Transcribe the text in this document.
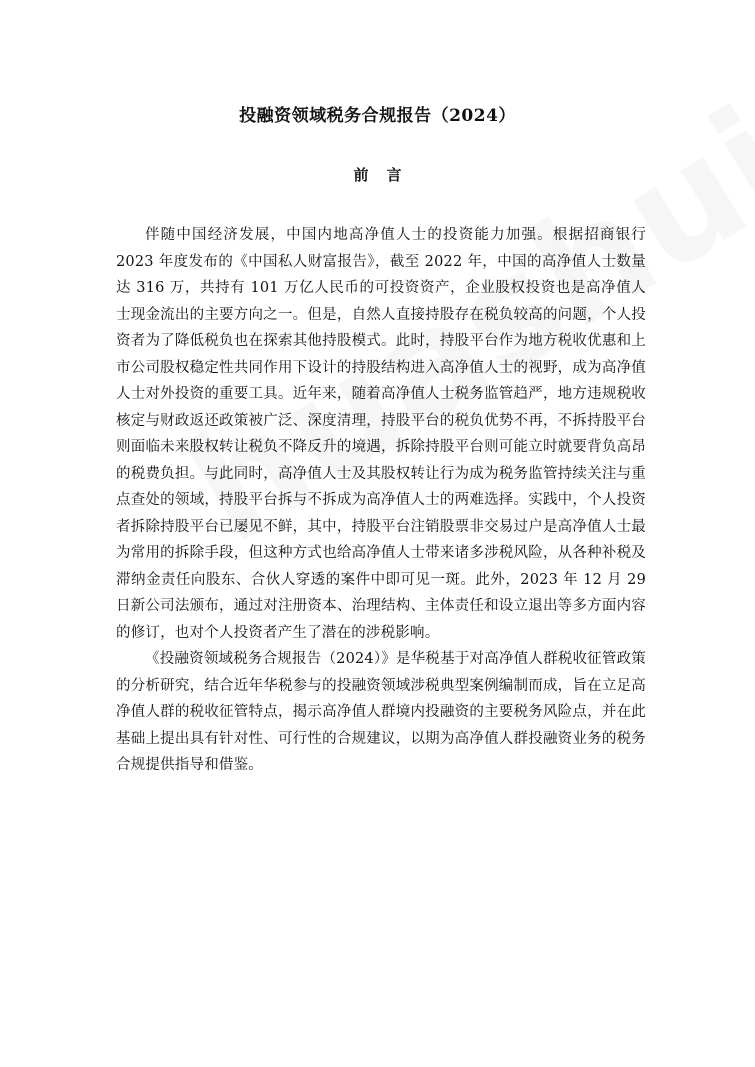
投融资领域税务合规报告（2024）
前言

伴随中国经济发展，中国内地高净值人士的投资能力加强。根据招商银行2023 年度发布的《中国私人财富报告》，截至 2022 年，中国的高净值人士数量达 316 万，共持有 101 万亿人民币的可投资资产，企业股权投资也是高净值人士现金流出的主要方向之一。但是，自然人直接持股存在税负较高的问题，个人投资者为了降低税负也在探索其他持股模式。此时，持股平台作为地方税收优惠和上市公司股权稳定性共同作用下设计的持股结构进入高净值人士的视野，成为高净值人士对外投资的重要工具。近年来，随着高净值人士税务监管趋严，地方违规税收核定与财政返还政策被广泛、深度清理，持股平台的税负优势不再，不拆持股平台则面临未来股权转让税负不降反升的境遇，拆除持股平台则可能立时就要背负高昂的税费负担。与此同时，高净值人士及其股权转让行为成为税务监管持续关注与重点查处的领域，持股平台拆与不拆成为高净值人士的两难选择。实践中，个人投资者拆除持股平台已屡见不鲜，其中，持股平台注销股票非交易过户是高净值人士最为常用的拆除手段，但这种方式也给高净值人士带来诸多涉税风险，从各种补税及滞纳金责任向股东、合伙人穿透的案件中即可见一斑。此外，2023 年 12 月 29 日新公司法颁布，通过对注册资本、治理结构、主体责任和设立退出等多方面内容的修订，也对个人投资者产生了潜在的涉税影响。

《投融资领域税务合规报告（2024）》是华税基于对高净值人群税收征管政策的分析研究，结合近年华税参与的投融资领域涉税典型案例编制而成，旨在立足高净值人群的税收征管特点，揭示高净值人群境内投融资的主要税务风险点，并在此基础上提出具有针对性、可行性的合规建议，以期为高净值人群投融资业务的税务合规提供指导和借鉴。
